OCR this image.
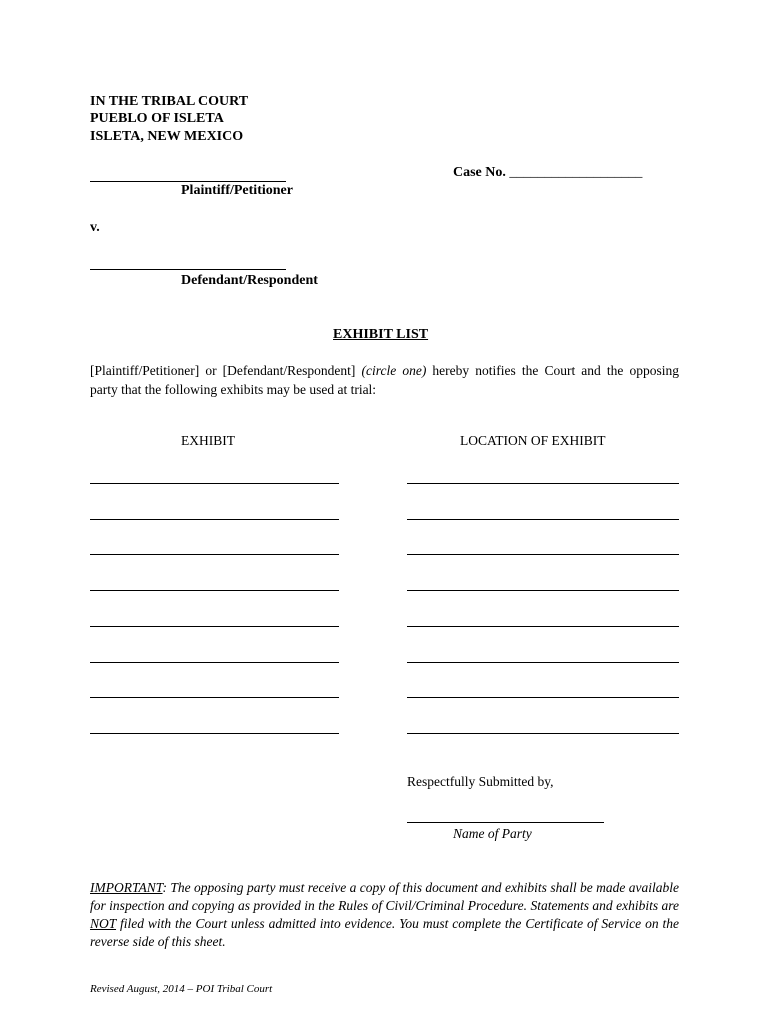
IN THE TRIBAL COURT
PUEBLO OF ISLETA
ISLETA, NEW MEXICO
Case No. ___________________
Plaintiff/Petitioner
v.
Defendant/Respondent
EXHIBIT LIST
[Plaintiff/Petitioner] or [Defendant/Respondent] (circle one) hereby notifies the Court and the opposing party that the following exhibits may be used at trial:
EXHIBIT	LOCATION OF EXHIBIT
Respectfully Submitted by,
Name of Party
IMPORTANT: The opposing party must receive a copy of this document and exhibits shall be made available for inspection and copying as provided in the Rules of Civil/Criminal Procedure. Statements and exhibits are NOT filed with the Court unless admitted into evidence. You must complete the Certificate of Service on the reverse side of this sheet.
Revised August, 2014 – POI Tribal Court
